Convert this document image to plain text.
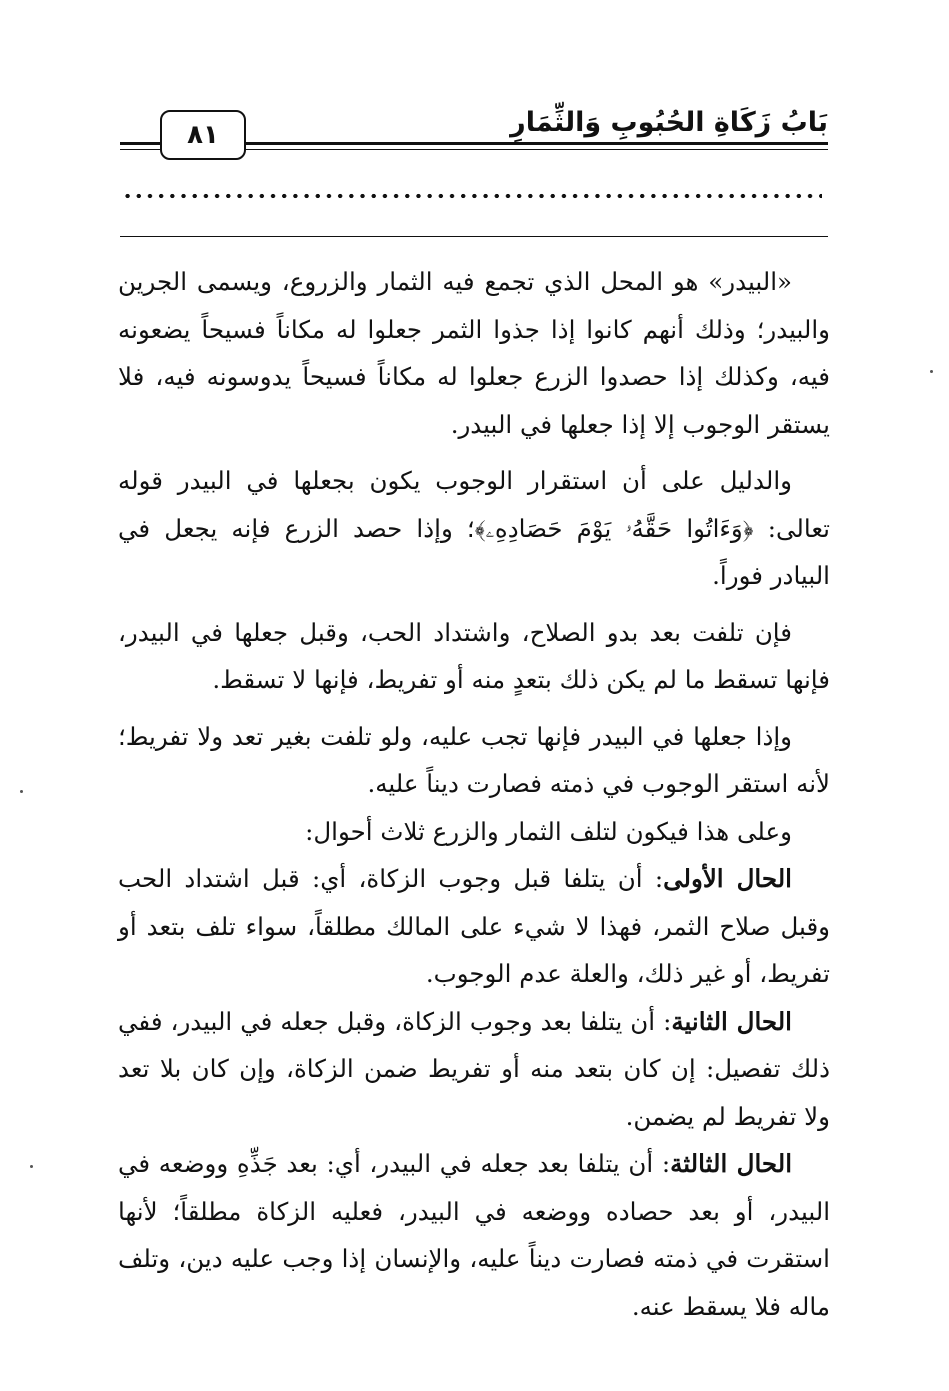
بَابُ زَكَاةِ الحُبُوبِ وَالثِّمَارِ
٨١

«البيدر» هو المحل الذي تجمع فيه الثمار والزروع، ويسمى الجرين والبيدر؛ وذلك أنهم كانوا إذا جذوا الثمر جعلوا له مكاناً فسيحاً يضعونه فيه، وكذلك إذا حصدوا الزرع جعلوا له مكاناً فسيحاً يدوسونه فيه، فلا يستقر الوجوب إلا إذا جعلها في البيدر.

والدليل على أن استقرار الوجوب يكون بجعلها في البيدر قوله تعالى: ﴿وَءَاتُوا حَقَّهُۥ يَوْمَ حَصَادِهِۦ﴾؛ وإذا حصد الزرع فإنه يجعل في البيادر فوراً.

فإن تلفت بعد بدو الصلاح، واشتداد الحب، وقبل جعلها في البيدر، فإنها تسقط ما لم يكن ذلك بتعدٍ منه أو تفريط، فإنها لا تسقط.

وإذا جعلها في البيدر فإنها تجب عليه، ولو تلفت بغير تعد ولا تفريط؛ لأنه استقر الوجوب في ذمته فصارت ديناً عليه.

وعلى هذا فيكون لتلف الثمار والزرع ثلاث أحوال:

الحال الأولى: أن يتلفا قبل وجوب الزكاة، أي: قبل اشتداد الحب وقبل صلاح الثمر، فهذا لا شيء على المالك مطلقاً، سواء تلف بتعد أو تفريط، أو غير ذلك، والعلة عدم الوجوب.

الحال الثانية: أن يتلفا بعد وجوب الزكاة، وقبل جعله في البيدر، ففي ذلك تفصيل: إن كان بتعد منه أو تفريط ضمن الزكاة، وإن كان بلا تعد ولا تفريط لم يضمن.

الحال الثالثة: أن يتلفا بعد جعله في البيدر، أي: بعد جَذِّهِ ووضعه في البيدر، أو بعد حصاده ووضعه في البيدر، فعليه الزكاة مطلقاً؛ لأنها استقرت في ذمته فصارت ديناً عليه، والإنسان إذا وجب عليه دين، وتلف ماله فلا يسقط عنه.
